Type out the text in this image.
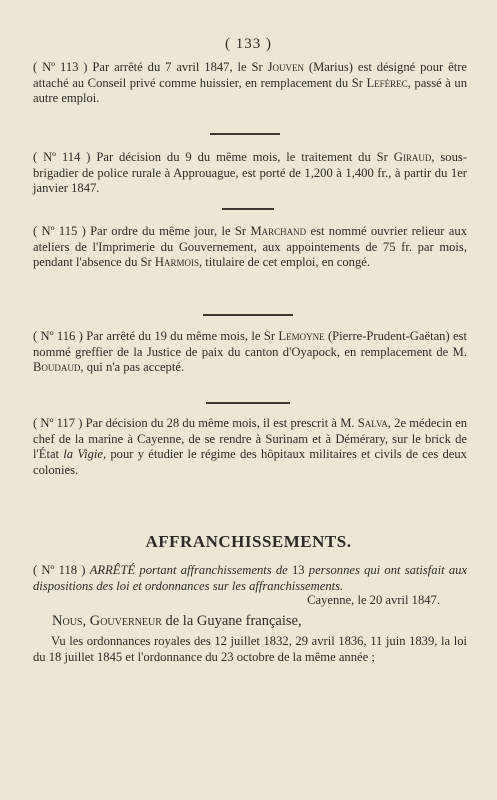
( 133 )
( Nº 113 ) Par arrêté du 7 avril 1847, le Sr Jouven (Marius) est désigné pour être attaché au Conseil privé comme huissier, en remplacement du Sr Leférec, passé à un autre emploi.
( Nº 114 ) Par décision du 9 du même mois, le traitement du Sr Giraud, sous-brigadier de police rurale à Approuague, est porté de 1,200 à 1,400 fr., à partir du 1er janvier 1847.
( Nº 115 ) Par ordre du même jour, le Sr Marchand est nommé ouvrier relieur aux ateliers de l'Imprimerie du Gouvernement, aux appointements de 75 fr. par mois, pendant l'absence du Sr Harmois, titulaire de cet emploi, en congé.
( Nº 116 ) Par arrêté du 19 du même mois, le Sr Lemoyne (Pierre-Prudent-Gaëtan) est nommé greffier de la Justice de paix du canton d'Oyapock, en remplacement de M. Boudaud, qui n'a pas accepté.
( Nº 117 ) Par décision du 28 du même mois, il est prescrit à M. Salva, 2e médecin en chef de la marine à Cayenne, de se rendre à Surinam et à Démérary, sur le brick de l'État la Vigie, pour y étudier le régime des hôpitaux militaires et civils de ces deux colonies.
AFFRANCHISSEMENTS.
( Nº 118 ) ARRÊTÉ portant affranchissements de 13 personnes qui ont satisfait aux dispositions des loi et ordonnances sur les affranchissements.
Cayenne, le 20 avril 1847.
Nous, Gouverneur de la Guyane française,
Vu les ordonnances royales des 12 juillet 1832, 29 avril 1836, 11 juin 1839, la loi du 18 juillet 1845 et l'ordonnance du 23 octobre de la même année ;
